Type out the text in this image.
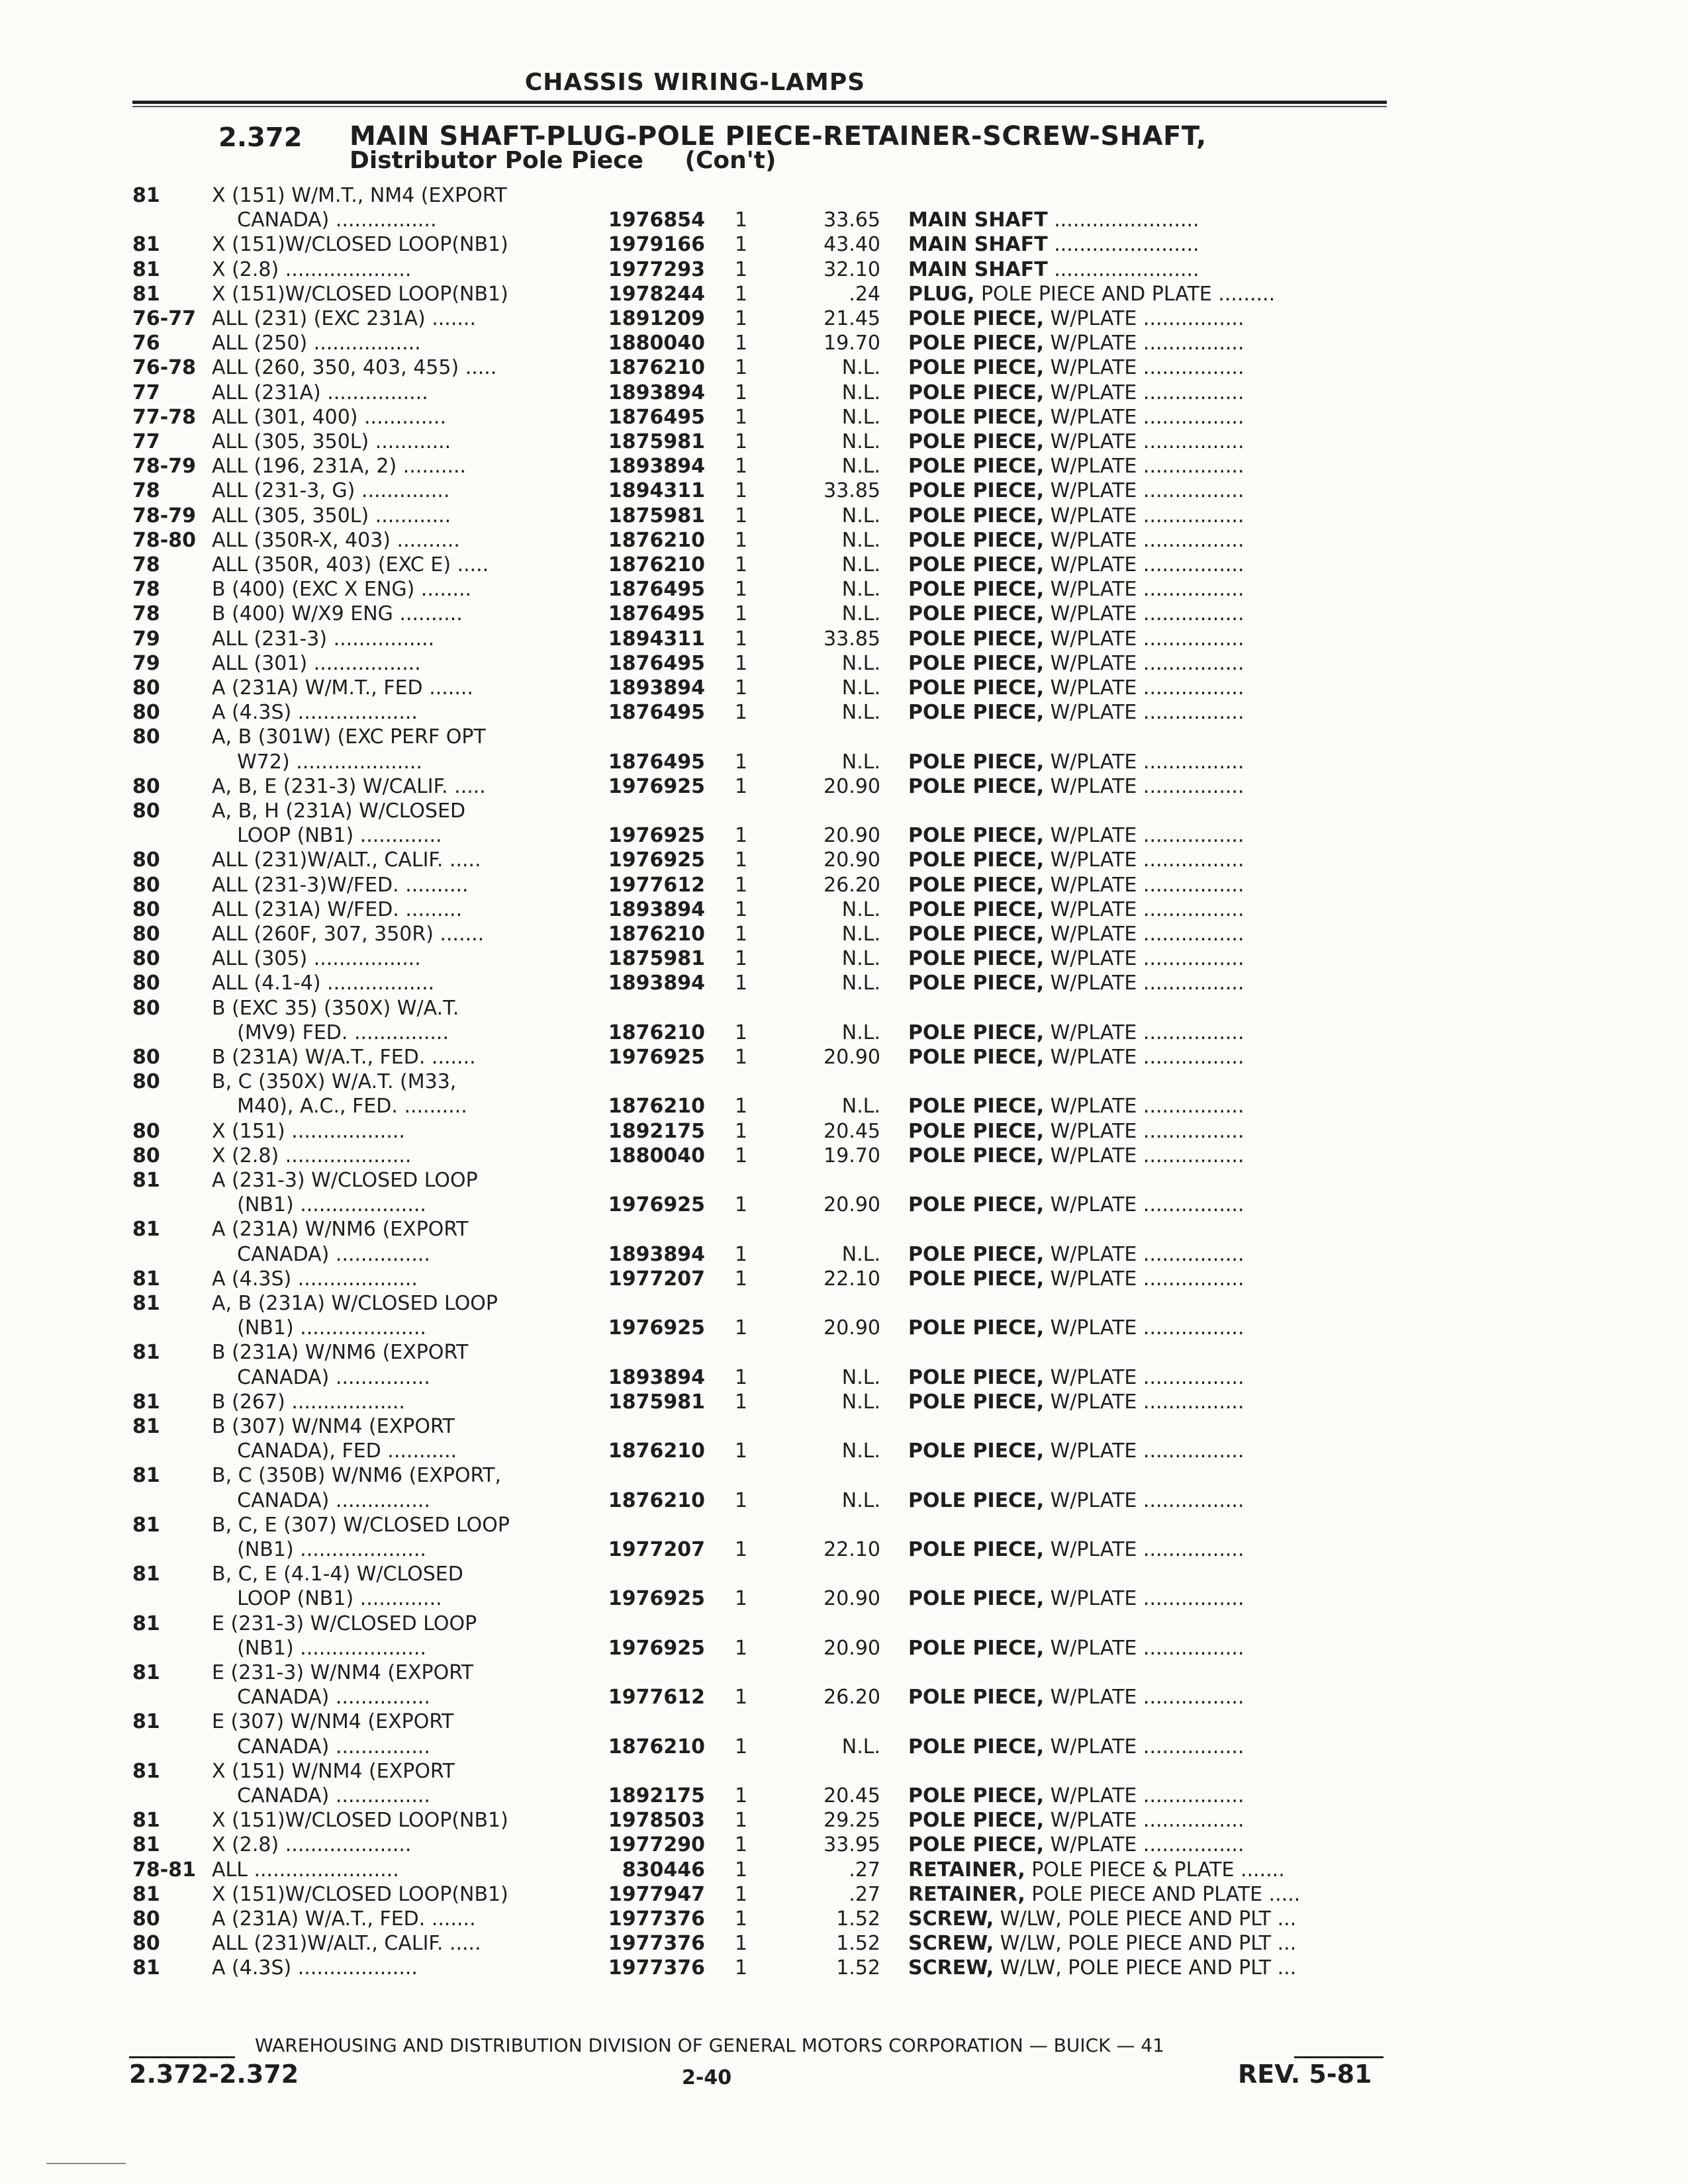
CHASSIS WIRING-LAMPS
2.372 MAIN SHAFT-PLUG-POLE PIECE-RETAINER-SCREW-SHAFT,
Distributor Pole Piece     (Con't)
81	X (151) W/M.T., NM4 (EXPORT
CANADA) ................	1976854 1	33.65 MAIN SHAFT .......................
81	X (151)W/CLOSED LOOP(NB1)	1979166 1	43.40 MAIN SHAFT .......................
81	X (2.8) ....................	1977293 1	32.10 MAIN SHAFT .......................
81	X (151)W/CLOSED LOOP(NB1)	1978244 1	.24 PLUG, POLE PIECE AND PLATE .........
76-77 ALL (231) (EXC 231A) .......	1891209 1	21.45 POLE PIECE, W/PLATE ................
76	ALL (250) .................	1880040 1	19.70 POLE PIECE, W/PLATE ................
76-78 ALL (260, 350, 403, 455) .....	1876210 1	N.L. POLE PIECE, W/PLATE ................
77	ALL (231A) ................	1893894 1	N.L. POLE PIECE, W/PLATE ................
77-78 ALL (301, 400) .............	1876495 1	N.L. POLE PIECE, W/PLATE ................
77	ALL (305, 350L) ............	1875981 1	N.L. POLE PIECE, W/PLATE ................
78-79 ALL (196, 231A, 2) ..........	1893894 1	N.L. POLE PIECE, W/PLATE ................
78	ALL (231-3, G) ..............	1894311 1	33.85 POLE PIECE, W/PLATE ................
78-79 ALL (305, 350L) ............	1875981 1	N.L. POLE PIECE, W/PLATE ................
78-80 ALL (350R-X, 403) ..........	1876210 1	N.L. POLE PIECE, W/PLATE ................
78	ALL (350R, 403) (EXC E) .....	1876210 1	N.L. POLE PIECE, W/PLATE ................
78	B (400) (EXC X ENG) ........	1876495 1	N.L. POLE PIECE, W/PLATE ................
78	B (400) W/X9 ENG ..........	1876495 1	N.L. POLE PIECE, W/PLATE ................
79	ALL (231-3) ................	1894311 1	33.85 POLE PIECE, W/PLATE ................
79	ALL (301) .................	1876495 1	N.L. POLE PIECE, W/PLATE ................
80	A (231A) W/M.T., FED .......	1893894 1	N.L. POLE PIECE, W/PLATE ................
80	A (4.3S) ...................	1876495 1	N.L. POLE PIECE, W/PLATE ................
80	A, B (301W) (EXC PERF OPT
W72) ....................	1876495 1	N.L. POLE PIECE, W/PLATE ................
80	A, B, E (231-3) W/CALIF. .....	1976925 1	20.90 POLE PIECE, W/PLATE ................
80	A, B, H (231A) W/CLOSED
LOOP (NB1) .............	1976925 1	20.90 POLE PIECE, W/PLATE ................
80	ALL (231)W/ALT., CALIF. .....	1976925 1	20.90 POLE PIECE, W/PLATE ................
80	ALL (231-3)W/FED. ..........	1977612 1	26.20 POLE PIECE, W/PLATE ................
80	ALL (231A) W/FED. .........	1893894 1	N.L. POLE PIECE, W/PLATE ................
80	ALL (260F, 307, 350R) .......	1876210 1	N.L. POLE PIECE, W/PLATE ................
80	ALL (305) .................	1875981 1	N.L. POLE PIECE, W/PLATE ................
80	ALL (4.1-4) .................	1893894 1	N.L. POLE PIECE, W/PLATE ................
80	B (EXC 35) (350X) W/A.T.
(MV9) FED. ...............	1876210 1	N.L. POLE PIECE, W/PLATE ................
80	B (231A) W/A.T., FED. .......	1976925 1	20.90 POLE PIECE, W/PLATE ................
80	B, C (350X) W/A.T. (M33,
M40), A.C., FED. ..........	1876210 1	N.L. POLE PIECE, W/PLATE ................
80	X (151) ..................	1892175 1	20.45 POLE PIECE, W/PLATE ................
80	X (2.8) ....................	1880040 1	19.70 POLE PIECE, W/PLATE ................
81	A (231-3) W/CLOSED LOOP
(NB1) ....................	1976925 1	20.90 POLE PIECE, W/PLATE ................
81	A (231A) W/NM6 (EXPORT
CANADA) ...............	1893894 1	N.L. POLE PIECE, W/PLATE ................
81	A (4.3S) ...................	1977207 1	22.10 POLE PIECE, W/PLATE ................
81	A, B (231A) W/CLOSED LOOP
(NB1) ....................	1976925 1	20.90 POLE PIECE, W/PLATE ................
81	B (231A) W/NM6 (EXPORT
CANADA) ...............	1893894 1	N.L. POLE PIECE, W/PLATE ................
81	B (267) ..................	1875981 1	N.L. POLE PIECE, W/PLATE ................
81	B (307) W/NM4 (EXPORT
CANADA), FED ...........	1876210 1	N.L. POLE PIECE, W/PLATE ................
81	B, C (350B) W/NM6 (EXPORT,
CANADA) ...............	1876210 1	N.L. POLE PIECE, W/PLATE ................
81	B, C, E (307) W/CLOSED LOOP
(NB1) ....................	1977207 1	22.10 POLE PIECE, W/PLATE ................
81	B, C, E (4.1-4) W/CLOSED
LOOP (NB1) .............	1976925 1	20.90 POLE PIECE, W/PLATE ................
81	E (231-3) W/CLOSED LOOP
(NB1) ....................	1976925 1	20.90 POLE PIECE, W/PLATE ................
81	E (231-3) W/NM4 (EXPORT
CANADA) ...............	1977612 1	26.20 POLE PIECE, W/PLATE ................
81	E (307) W/NM4 (EXPORT
CANADA) ...............	1876210 1	N.L. POLE PIECE, W/PLATE ................
81	X (151) W/NM4 (EXPORT
CANADA) ...............	1892175 1	20.45 POLE PIECE, W/PLATE ................
81	X (151)W/CLOSED LOOP(NB1)	1978503 1	29.25 POLE PIECE, W/PLATE ................
81	X (2.8) ....................	1977290 1	33.95 POLE PIECE, W/PLATE ................
78-81 ALL .......................	830446 1	.27 RETAINER, POLE PIECE & PLATE .......
81	X (151)W/CLOSED LOOP(NB1)	1977947 1	.27 RETAINER, POLE PIECE AND PLATE .....
80	A (231A) W/A.T., FED. .......	1977376 1	1.52 SCREW, W/LW, POLE PIECE AND PLT ...
80	ALL (231)W/ALT., CALIF. .....	1977376 1	1.52 SCREW, W/LW, POLE PIECE AND PLT ...
81	A (4.3S) ...................	1977376 1	1.52 SCREW, W/LW, POLE PIECE AND PLT ...
WAREHOUSING AND DISTRIBUTION DIVISION OF GENERAL MOTORS CORPORATION — BUICK — 41
2.372-2.372	2-40	REV. 5-81
